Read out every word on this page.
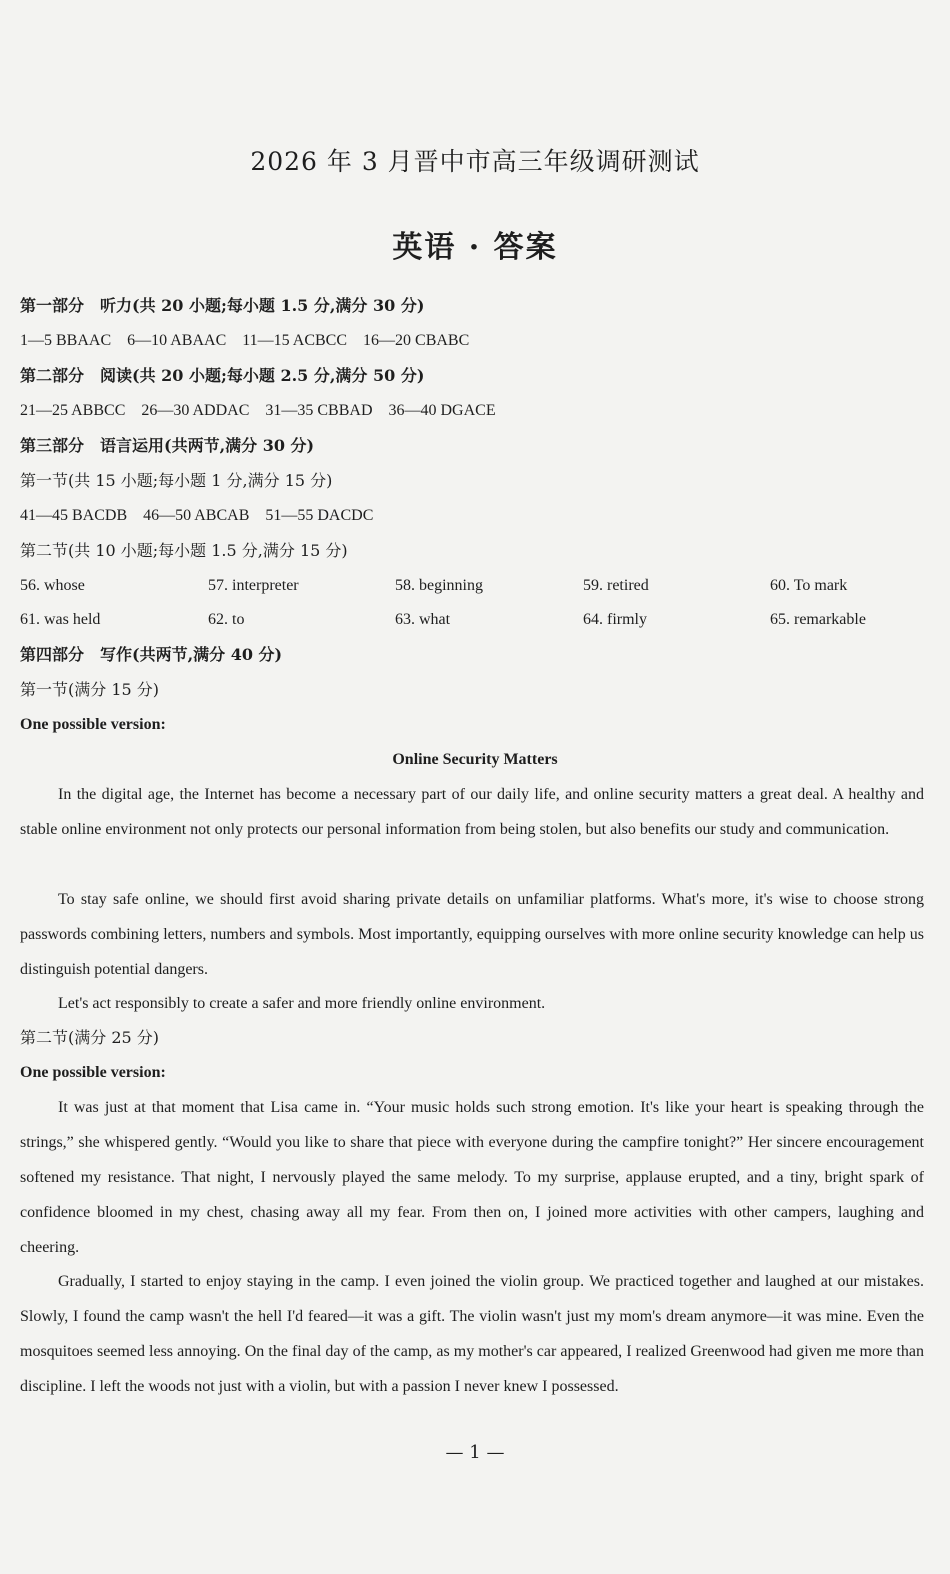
2026 年 3 月晋中市高三年级调研测试
英语 · 答案
第一部分　听力(共 20 小题;每小题 1.5 分,满分 30 分)
1—5 BBAAC　6—10 ABAAC　11—15 ACBCC　16—20 CBABC
第二部分　阅读(共 20 小题;每小题 2.5 分,满分 50 分)
21—25 ABBCC　26—30 ADDAC　31—35 CBBAD　36—40 DGACE
第三部分　语言运用(共两节,满分 30 分)
第一节(共 15 小题;每小题 1 分,满分 15 分)
41—45 BACDB　46—50 ABCAB　51—55 DACDC
第二节(共 10 小题;每小题 1.5 分,满分 15 分)
56. whose	57. interpreter	58. beginning	59. retired	60. To mark
61. was held	62. to	63. what	64. firmly	65. remarkable
第四部分　写作(共两节,满分 40 分)
第一节(满分 15 分)
One possible version:
Online Security Matters
In the digital age, the Internet has become a necessary part of our daily life, and online security matters a great deal. A healthy and stable online environment not only protects our personal information from being stolen, but also benefits our study and communication.
To stay safe online, we should first avoid sharing private details on unfamiliar platforms. What's more, it's wise to choose strong passwords combining letters, numbers and symbols. Most importantly, equipping ourselves with more online security knowledge can help us distinguish potential dangers.
Let's act responsibly to create a safer and more friendly online environment.
第二节(满分 25 分)
One possible version:
It was just at that moment that Lisa came in. “Your music holds such strong emotion. It's like your heart is speaking through the strings,” she whispered gently. “Would you like to share that piece with everyone during the campfire tonight?” Her sincere encouragement softened my resistance. That night, I nervously played the same melody. To my surprise, applause erupted, and a tiny, bright spark of confidence bloomed in my chest, chasing away all my fear. From then on, I joined more activities with other campers, laughing and cheering.
Gradually, I started to enjoy staying in the camp. I even joined the violin group. We practiced together and laughed at our mistakes. Slowly, I found the camp wasn't the hell I'd feared—it was a gift. The violin wasn't just my mom's dream anymore—it was mine. Even the mosquitoes seemed less annoying. On the final day of the camp, as my mother's car appeared, I realized Greenwood had given me more than discipline. I left the woods not just with a violin, but with a passion I never knew I possessed.
— 1 —
